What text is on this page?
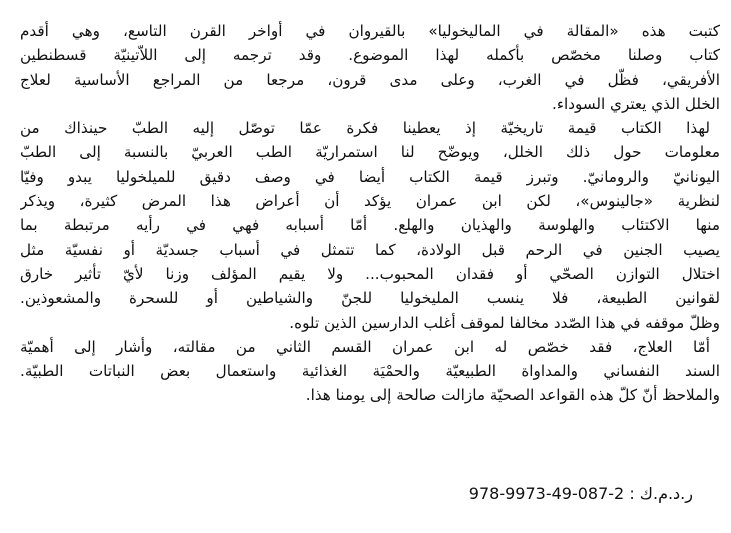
كتبت هذه «المقالة في الماليخوليا» بالقيروان في أواخر القرن التاسع، وهي أقدم
كتاب وصلنا مخصّص بأكمله لهذا الموضوع. وقد ترجمه إلى اللاّتينيّة قسطنطين
الأفريقي، فظّل في الغرب، وعلى مدى قرون، مرجعا من المراجع الأساسية لعلاج
الخلل الذي يعتري السوداء.
لهذا الكتاب قيمة تاريخيّة إذ يعطينا فكرة عمّا توصّل إليه الطبّ حينذاك من
معلومات حول ذلك الخلل، ويوضّح لنا استمراريّة الطب العربيّ بالنسبة إلى الطبّ
اليونانيّ والرومانيّ. وتبرز قيمة الكتاب أيضا في وصف دقيق للميلخوليا يبدو وفيّا
لنظرية «جالينوس»، لكن ابن عمران يؤكد أن أعراض هذا المرض كثيرة، ويذكر
منها الاكتئاب والهلوسة والهذيان والهلع. أمّا أسبابه فهي في رأيه مرتبطة بما
يصيب الجنين في الرحم قبل الولادة، كما تتمثل في أسباب جسديّة أو نفسيّة مثل
اختلال التوازن الصحّي أو فقدان المحبوب... ولا يقيم المؤلف وزنا لأيّ تأثير خارق
لقوانين الطبيعة، فلا ينسب المليخوليا للجنّ والشياطين أو للسحرة والمشعوذين.
وظلّ موقفه في هذا الصّدد مخالفا لموقف أغلب الدارسين الذين تلوه.
أمّا العلاج، فقد خصّص له ابن عمران القسم الثاني من مقالته، وأشار إلى أهميّة
السند النفساني والمداواة الطبيعيّة والحمْيَة الغذائية واستعمال بعض النباتات الطبيّة.
والملاحظ أنّ كلّ هذه القواعد الصحيّة مازالت صالحة إلى يومنا هذا.
ر.د.م.ك : 978-9973-49-087-2
